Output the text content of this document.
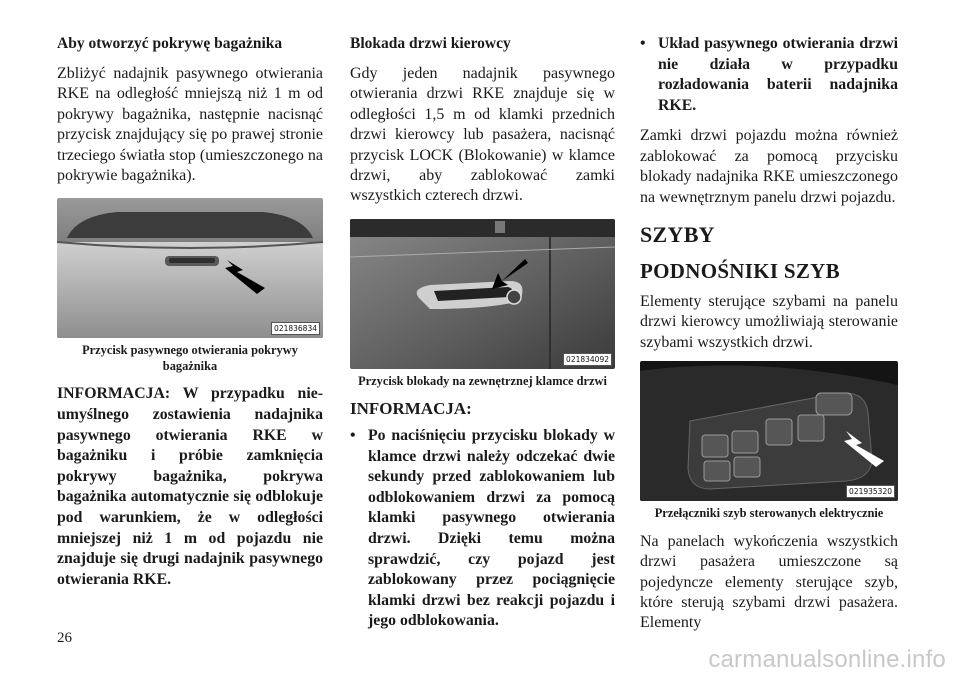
Aby otworzyć pokrywę bagażnika

Zbliżyć nadajnik pasywnego otwierania RKE na odległość mniejszą niż 1 m od pokrywy bagażnika, następnie nacisnąć przycisk znajdujący się po prawej stronie trzeciego światła stop (umieszczonego na pokrywie bagażnika).

021836834

Przycisk pasywnego otwierania pokrywy bagażnika

INFORMACJA: W przypadku nie-umyślnego zostawienia nadajnika pasywnego otwierania RKE w bagażniku i próbie zamknięcia pokrywy bagażnika, pokrywa bagażnika automatycznie się odblokuje pod warunkiem, że w odległości mniejszej niż 1 m od pojazdu nie znajduje się drugi nadajnik pasywnego otwierania RKE.

Blokada drzwi kierowcy

Gdy jeden nadajnik pasywnego otwierania drzwi RKE znajduje się w odległości 1,5 m od klamki przednich drzwi kierowcy lub pasażera, nacisnąć przycisk LOCK (Blokowanie) w klamce drzwi, aby zablokować zamki wszystkich czterech drzwi.

021834092

Przycisk blokady na zewnętrznej klamce drzwi

INFORMACJA:

• Po naciśnięciu przycisku blokady w klamce drzwi należy odczekać dwie sekundy przed zablokowaniem lub odblokowaniem drzwi za pomocą klamki pasywnego otwierania drzwi. Dzięki temu można sprawdzić, czy pojazd jest zablokowany przez pociągnięcie klamki drzwi bez reakcji pojazdu i jego odblokowania.

• Układ pasywnego otwierania drzwi nie działa w przypadku rozładowania baterii nadajnika RKE.

Zamki drzwi pojazdu można również zablokować za pomocą przycisku blokady nadajnika RKE umieszczonego na wewnętrznym panelu drzwi pojazdu.

SZYBY

PODNOŚNIKI SZYB

Elementy sterujące szybami na panelu drzwi kierowcy umożliwiają sterowanie szybami wszystkich drzwi.

021935320

Przełączniki szyb sterowanych elektrycznie

Na panelach wykończenia wszystkich drzwi pasażera umieszczone są pojedyncze elementy sterujące szyb, które sterują szybami drzwi pasażera. Elementy

26
carmanualsonline.info
